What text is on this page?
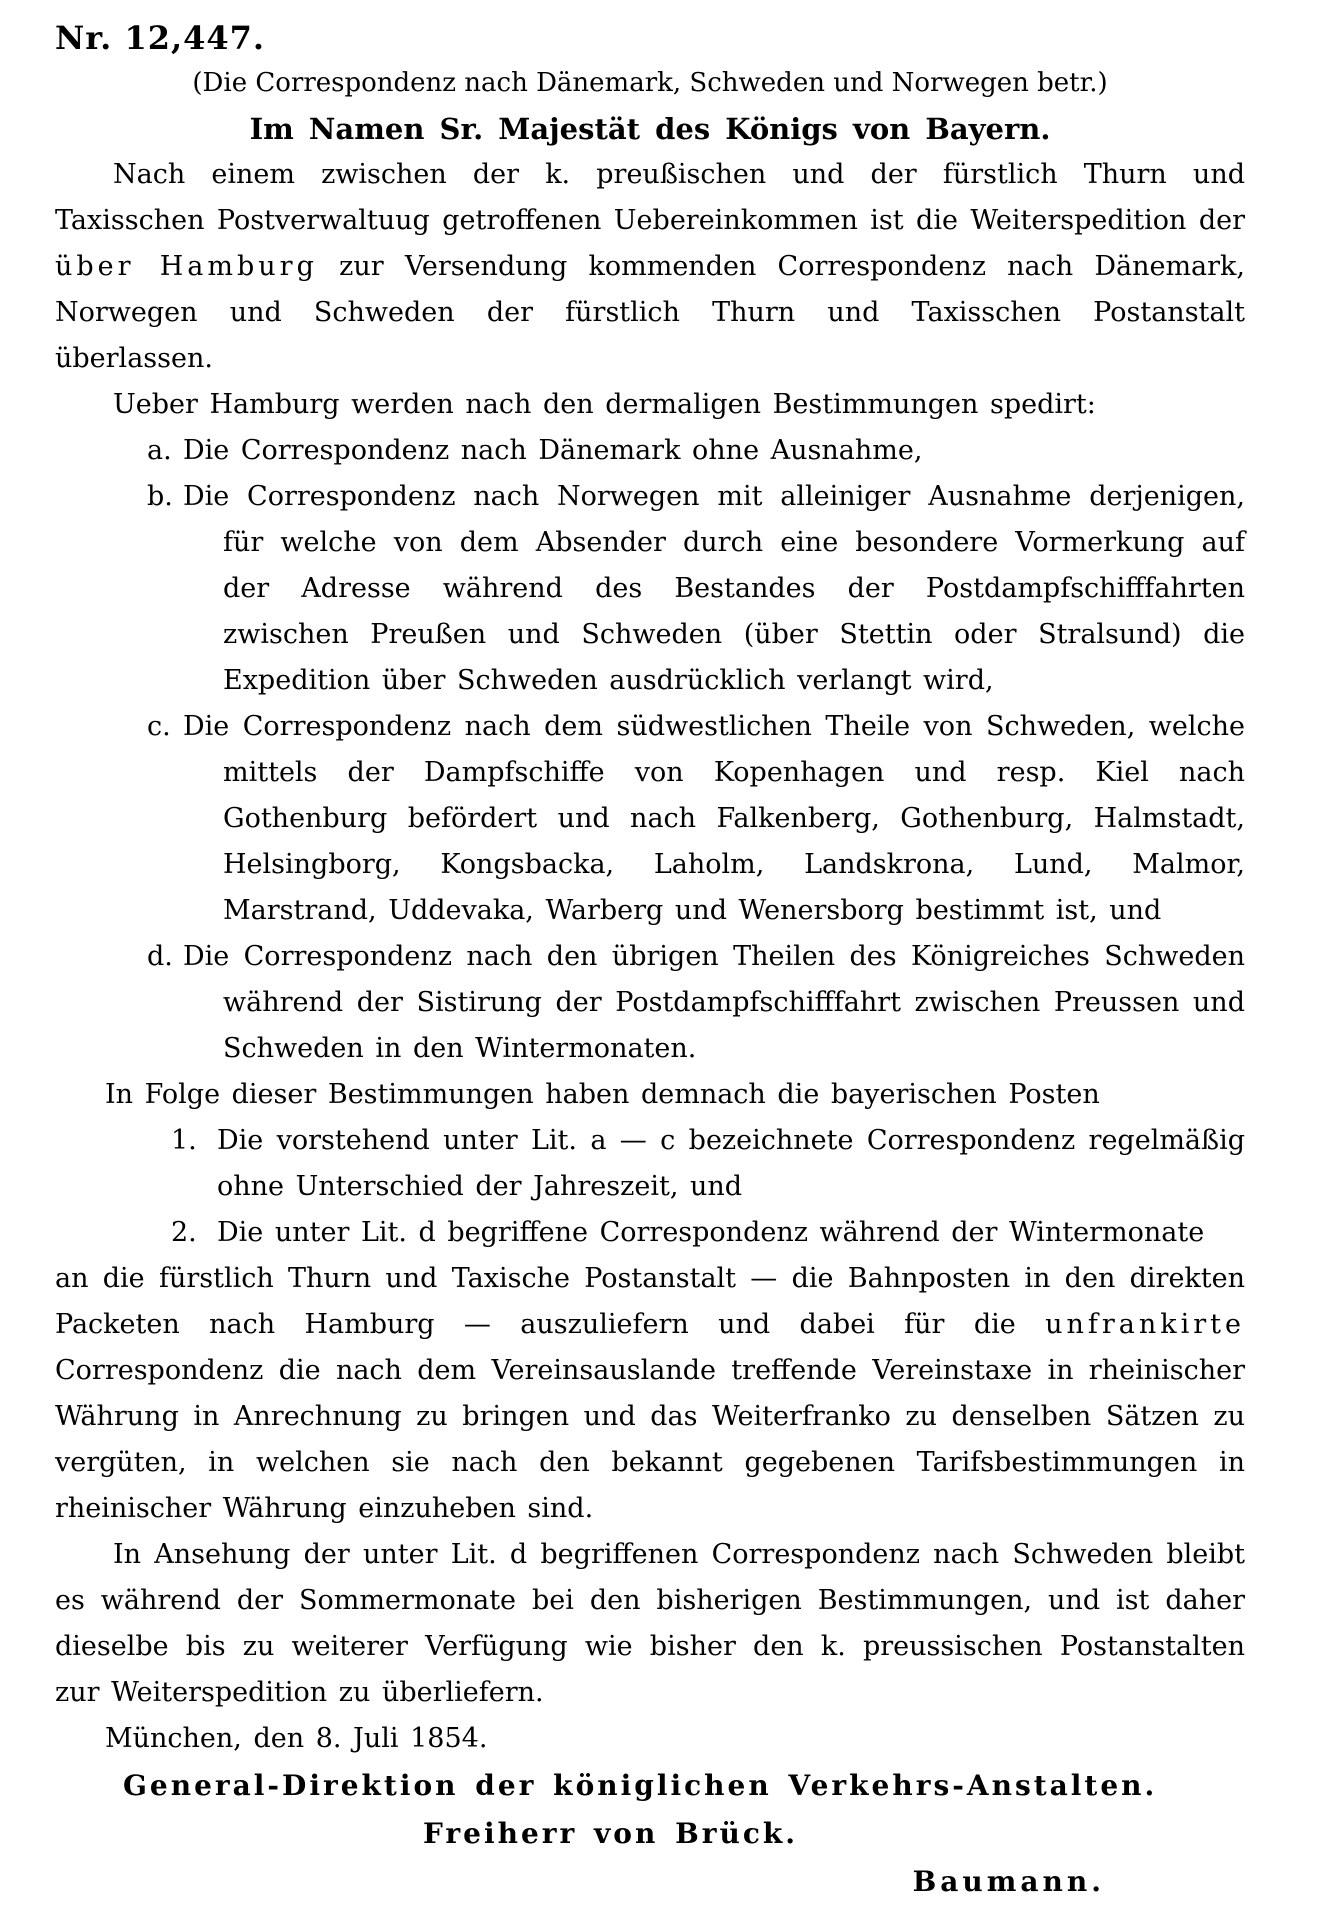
Nr. 12,447.
(Die Correspondenz nach Dänemark, Schweden und Norwegen betr.)
Im Namen Sr. Majestät des Königs von Bayern.

Nach einem zwischen der k. preußischen und der fürstlich Thurn und Taxisschen Postverwaltuug getroffenen Uebereinkommen ist die Weiterspedition der über Hamburg zur Versendung kommenden Correspondenz nach Dänemark, Norwegen und Schweden der fürstlich Thurn und Taxisschen Postanstalt überlassen.

Ueber Hamburg werden nach den dermaligen Bestimmungen spedirt:

a. Die Correspondenz nach Dänemark ohne Ausnahme,
b. Die Correspondenz nach Norwegen mit alleiniger Ausnahme derjenigen, für welche von dem Absender durch eine besondere Vormerkung auf der Adresse während des Bestandes der Postdampfschifffahrten zwischen Preußen und Schweden (über Stettin oder Stralsund) die Expedition über Schweden ausdrücklich verlangt wird,
c. Die Correspondenz nach dem südwestlichen Theile von Schweden, welche mittels der Dampfschiffe von Kopenhagen und resp. Kiel nach Gothenburg befördert und nach Falkenberg, Gothenburg, Halmstadt, Helsingborg, Kongsbacka, Laholm, Landskrona, Lund, Malmor, Marstrand, Uddevaka, Warberg und Wenersborg bestimmt ist, und
d. Die Correspondenz nach den übrigen Theilen des Königreiches Schweden während der Sistirung der Postdampfschifffahrt zwischen Preussen und Schweden in den Wintermonaten.

In Folge dieser Bestimmungen haben demnach die bayerischen Posten

1. Die vorstehend unter Lit. a — c bezeichnete Correspondenz regelmäßig ohne Unterschied der Jahreszeit, und
2. Die unter Lit. d begriffene Correspondenz während der Wintermonate

an die fürstlich Thurn und Taxische Postanstalt — die Bahnposten in den direkten Packeten nach Hamburg — auszuliefern und dabei für die unfrankirte Correspondenz die nach dem Vereinsauslande treffende Vereinstaxe in rheinischer Währung in Anrechnung zu bringen und das Weiterfranko zu denselben Sätzen zu vergüten, in welchen sie nach den bekannt gegebenen Tarifsbestimmungen in rheinischer Währung einzuheben sind.

In Ansehung der unter Lit. d begriffenen Correspondenz nach Schweden bleibt es während der Sommermonate bei den bisherigen Bestimmungen, und ist daher dieselbe bis zu weiterer Verfügung wie bisher den k. preussischen Postanstalten zur Weiterspedition zu überliefern.

München, den 8. Juli 1854.
General-Direktion der königlichen Verkehrs-Anstalten.
Freiherr von Brück.
Baumann.
